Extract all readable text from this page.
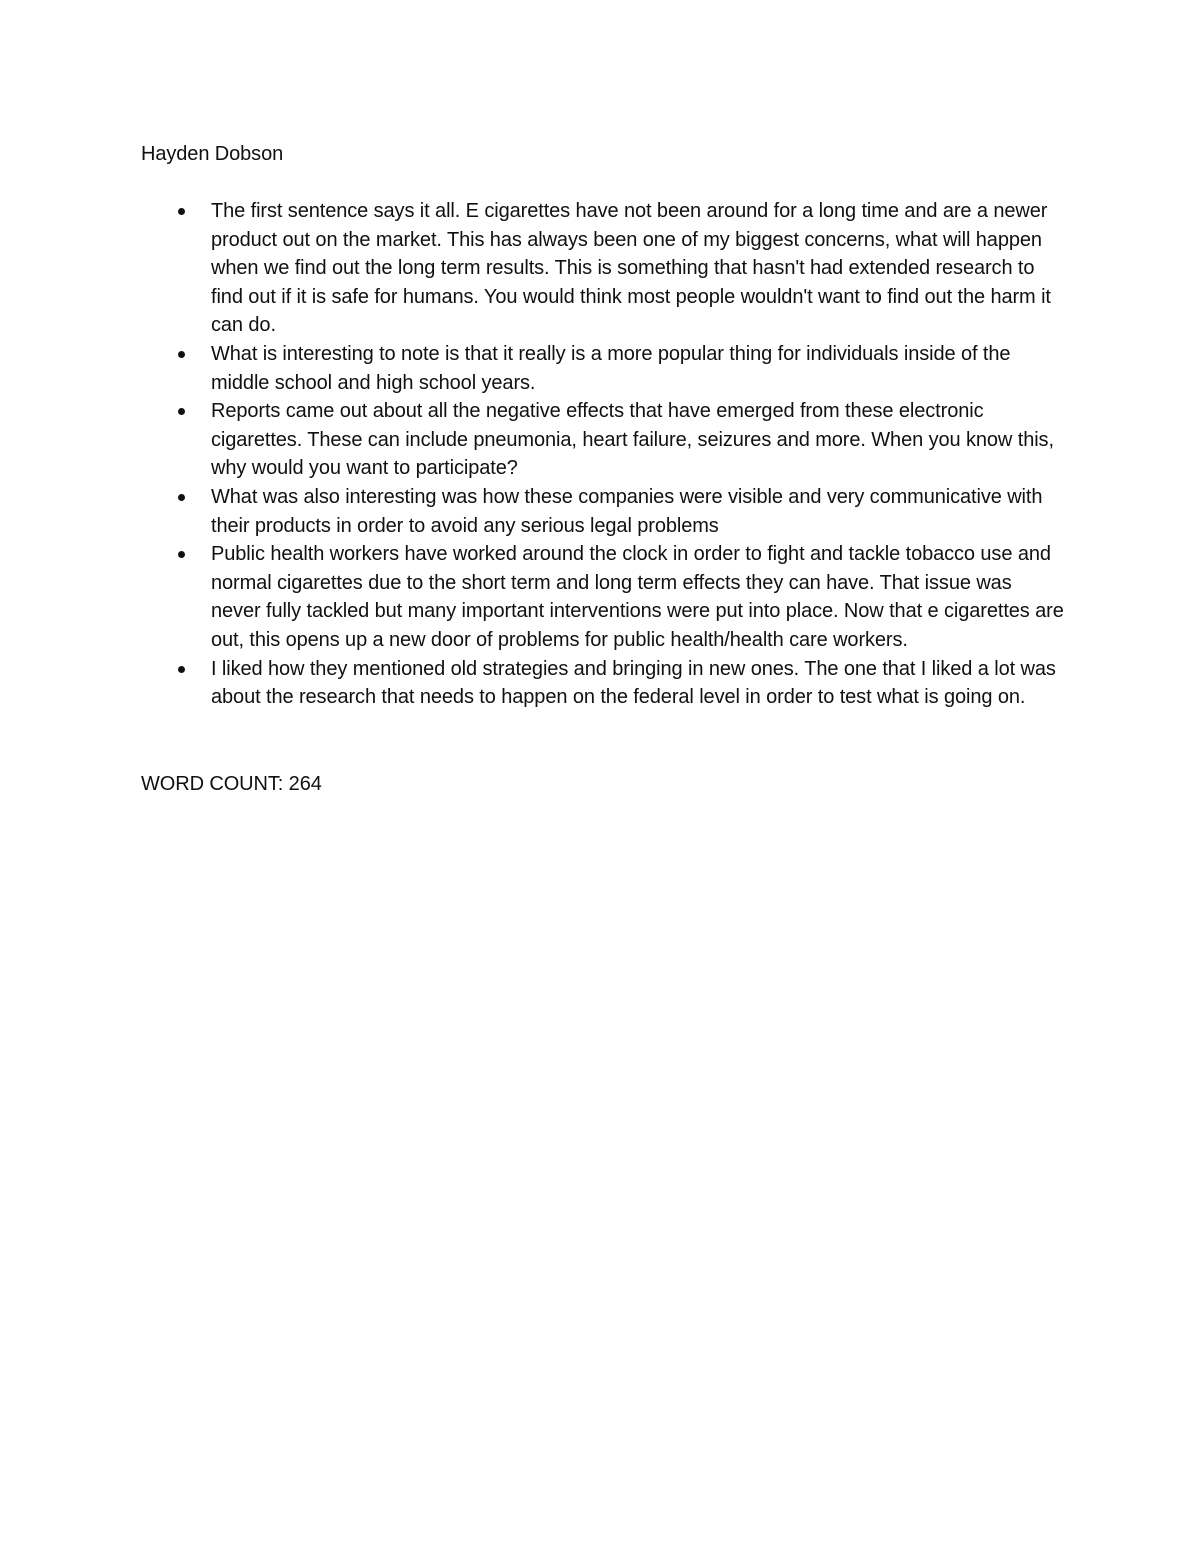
Hayden Dobson

The first sentence says it all. E cigarettes have not been around for a long time and are a newer product out on the market. This has always been one of my biggest concerns, what will happen when we find out the long term results. This is something that hasn't had extended research to find out if it is safe for humans. You would think most people wouldn't want to find out the harm it can do.
What is interesting to note is that it really is a more popular thing for individuals inside of the middle school and high school years.
Reports came out about all the negative effects that have emerged from these electronic cigarettes. These can include pneumonia, heart failure, seizures and more. When you know this, why would you want to participate?
What was also interesting was how these companies were visible and very communicative with their products in order to avoid any serious legal problems
Public health workers have worked around the clock in order to fight and tackle tobacco use and normal cigarettes due to the short term and long term effects they can have. That issue was never fully tackled but many important interventions were put into place. Now that e cigarettes are out, this opens up a new door of problems for public health/health care workers.
I liked how they mentioned old strategies and bringing in new ones. The one that I liked a lot was about the research that needs to happen on the federal level in order to test what is going on.

WORD COUNT: 264
